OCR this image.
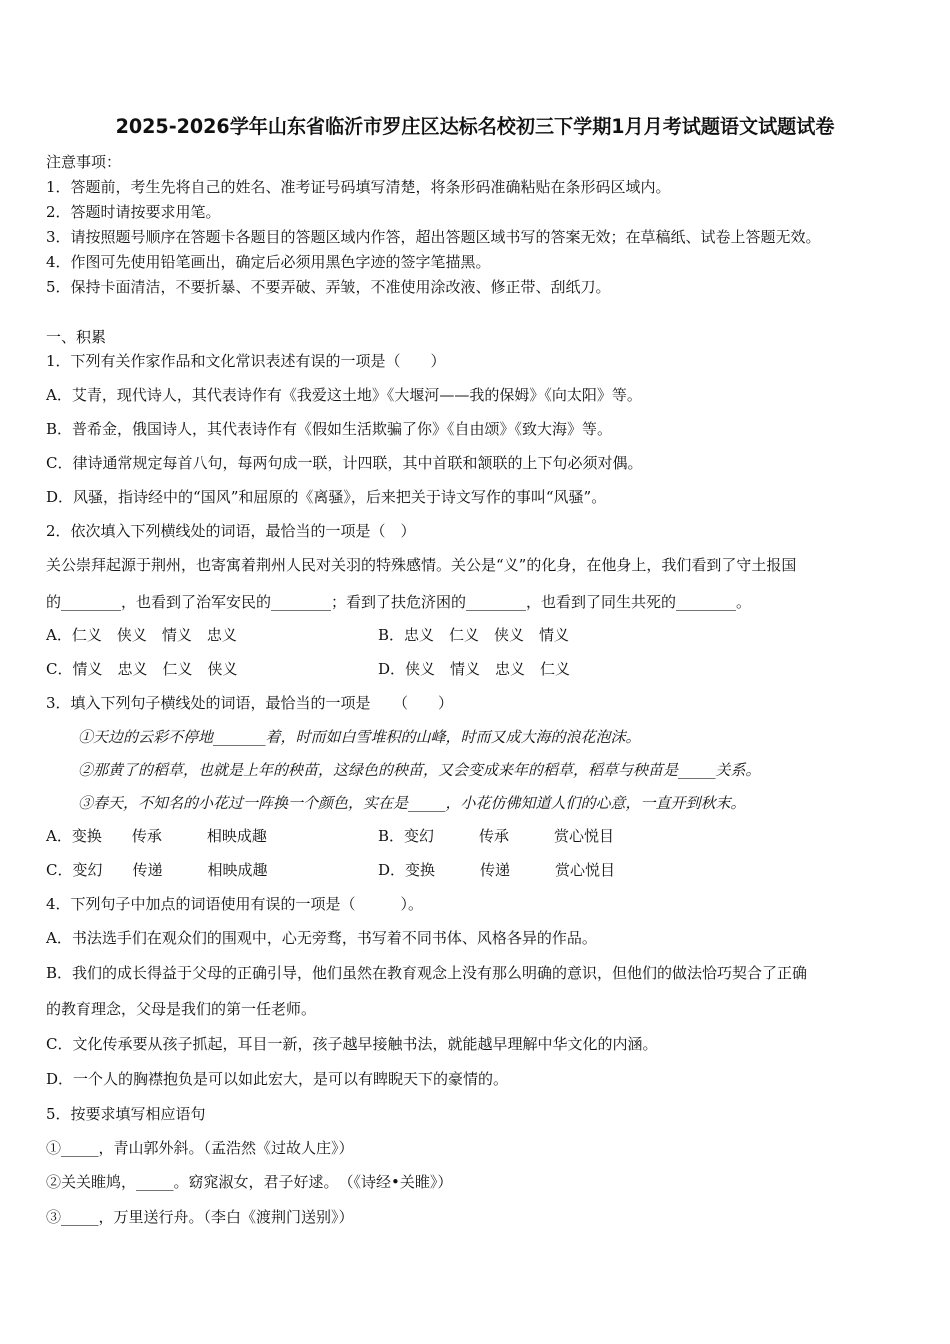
2025-2026学年山东省临沂市罗庄区达标名校初三下学期1月月考试题语文试题试卷
注意事项：
1．答题前，考生先将自己的姓名、准考证号码填写清楚，将条形码准确粘贴在条形码区域内。
2．答题时请按要求用笔。
3．请按照题号顺序在答题卡各题目的答题区域内作答，超出答题区域书写的答案无效；在草稿纸、试卷上答题无效。
4．作图可先使用铅笔画出，确定后必须用黑色字迹的签字笔描黑。
5．保持卡面清洁，不要折暴、不要弄破、弄皱，不准使用涂改液、修正带、刮纸刀。
一、积累
1．下列有关作家作品和文化常识表述有误的一项是（　　）
A．艾青，现代诗人，其代表诗作有《我爱这土地》《大堰河——我的保姆》《向太阳》等。
B．普希金，俄国诗人，其代表诗作有《假如生活欺骗了你》《自由颂》《致大海》等。
C．律诗通常规定每首八句，每两句成一联，计四联，其中首联和颔联的上下句必须对偶。
D．风骚，指诗经中的“国风”和屈原的《离骚》，后来把关于诗文写作的事叫“风骚”。
2．依次填入下列横线处的词语，最恰当的一项是（　）
关公崇拜起源于荆州，也寄寓着荆州人民对关羽的特殊感情。关公是“义”的化身，在他身上，我们看到了守土报国
的________，也看到了治军安民的________；看到了扶危济困的________，也看到了同生共死的________。
A．仁义　侠义　情义　忠义	B．忠义　仁义　侠义　情义
C．情义　忠义　仁义　侠义	D．侠义　情义　忠义　仁义
3．填入下列句子横线处的词语，最恰当的一项是　　（　　）
①天边的云彩不停地_______着，时而如白雪堆积的山峰，时而又成大海的浪花泡沫。
②那黄了的稻草，也就是上年的秧苗，这绿色的秧苗，又会变成来年的稻草，稻草与秧苗是_____关系。
③春天，不知名的小花过一阵换一个颜色，实在是_____，小花仿佛知道人们的心意，一直开到秋末。
A．变换　　传承　　　相映成趣	B．变幻　　　传承　　　赏心悦目
C．变幻　　传递　　　相映成趣	D．变换　　　传递　　　赏心悦目
4．下列句子中加点的词语使用有误的一项是（　　　）。
A．书法选手们在观众们的围观中，心无旁骛，书写着不同书体、风格各异的作品。
B．我们的成长得益于父母的正确引导，他们虽然在教育观念上没有那么明确的意识，但他们的做法恰巧契合了正确
的教育理念，父母是我们的第一任老师。
C．文化传承要从孩子抓起，耳目一新，孩子越早接触书法，就能越早理解中华文化的内涵。
D．一个人的胸襟抱负是可以如此宏大，是可以有睥睨天下的豪情的。
5．按要求填写相应语句
①_____，青山郭外斜。（孟浩然《过故人庄》）
②关关睢鸠，_____。窈窕淑女，君子好逑。　（《诗经•关睢》）
③_____，万里送行舟。（李白《渡荆门送别》）
